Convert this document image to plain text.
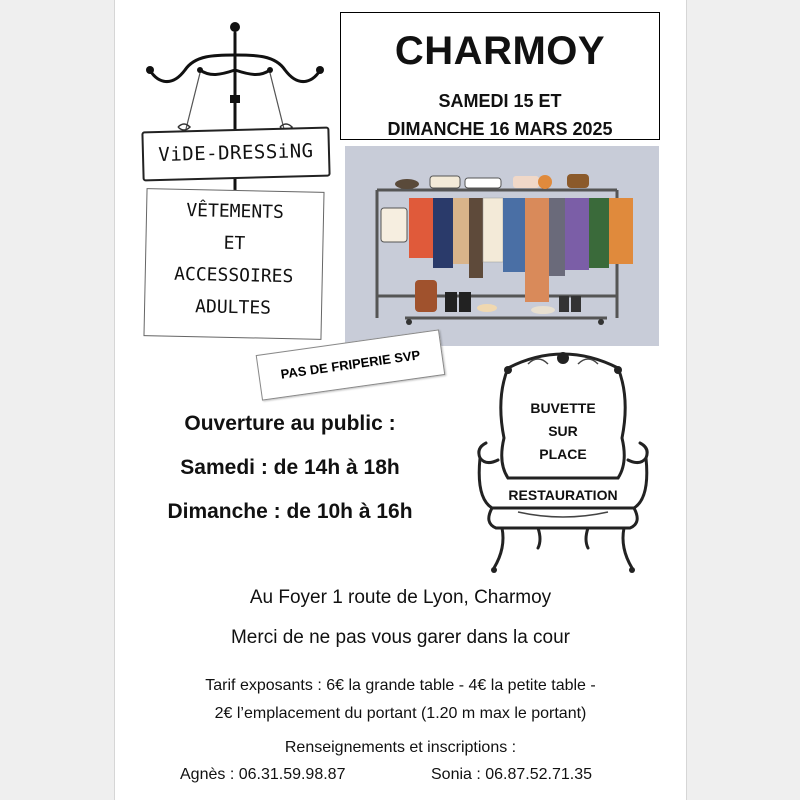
CHARMOY
SAMEDI 15 ET
DIMANCHE 16 MARS 2025
ViDE-DRESSiNG
VÊTEMENTS
ET
ACCESSOIRES
ADULTES
PAS DE FRIPERIE SVP
Ouverture au public :
Samedi : de 14h à 18h
Dimanche : de 10h à 16h
BUVETTE
SUR
PLACE
RESTAURATION
Au Foyer 1 route de Lyon, Charmoy
Merci de ne pas vous garer dans la cour
Tarif exposants : 6€ la grande table - 4€ la petite table -
2€ l’emplacement du portant (1.20 m max le portant)
Renseignements et inscriptions :
Agnès : 06.31.59.98.87	Sonia : 06.87.52.71.35
